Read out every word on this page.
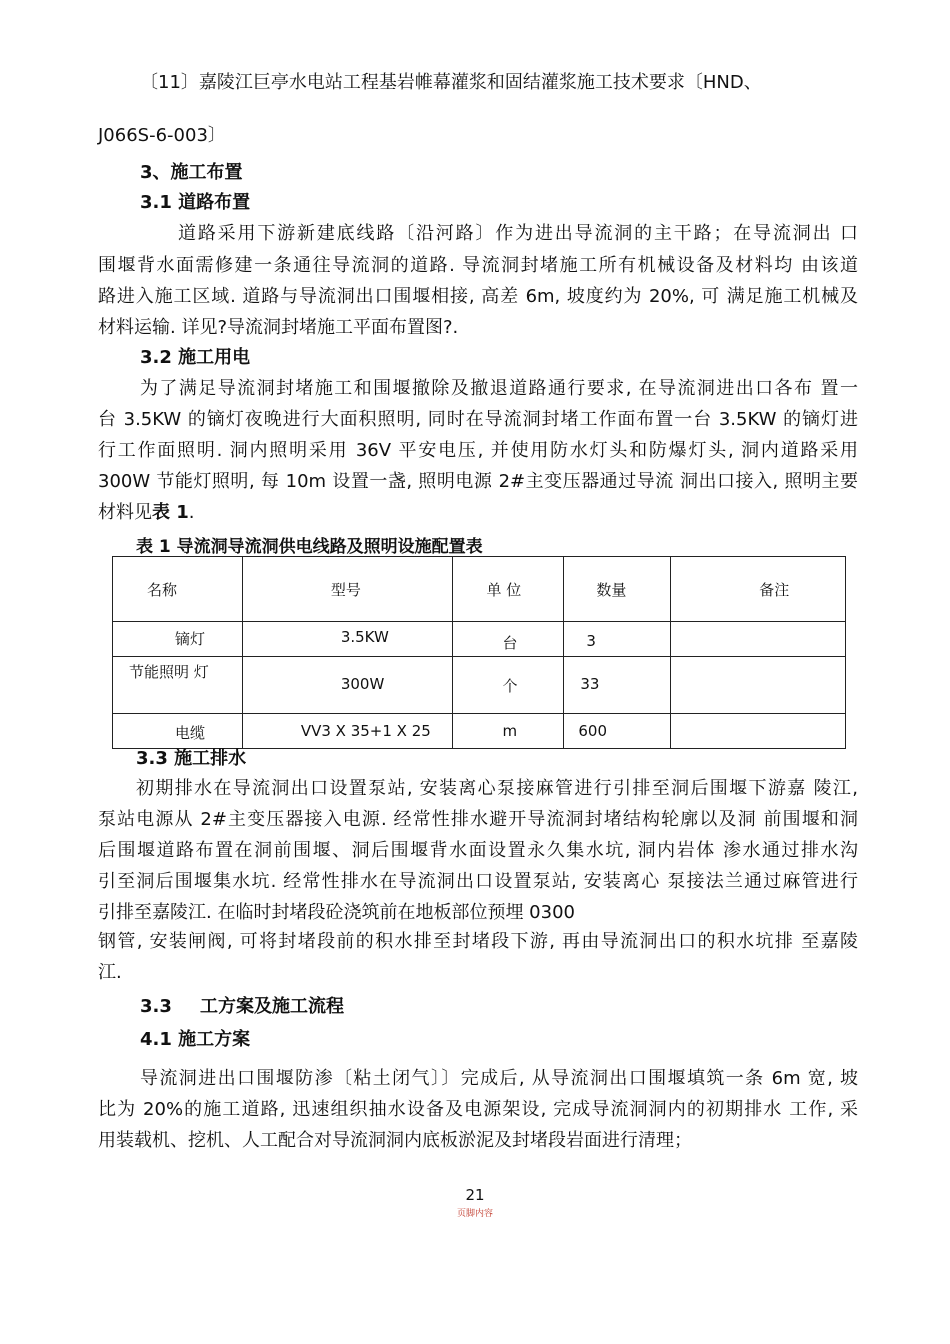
〔11〕嘉陵江巨亭水电站工程基岩帷幕灌浆和固结灌浆施工技术要求〔HND、
J066S-6-003〕
3、施工布置
3.1 道路布置
道路采用下游新建底线路〔沿河路〕作为进出导流洞的主干路；在导流洞出 口
围堰背水面需修建一条通往导流洞的道路. 导流洞封堵施工所有机械设备及材料均 由该道
路进入施工区域. 道路与导流洞出口围堰相接, 高差 6m, 坡度约为 20%, 可 满足施工机械及
材料运输. 详见?导流洞封堵施工平面布置图?.
3.2 施工用电
为了满足导流洞封堵施工和围堰撤除及撤退道路通行要求, 在导流洞进出口各布 置一
台 3.5KW 的镝灯夜晚进行大面积照明, 同时在导流洞封堵工作面布置一台 3.5KW 的镝灯进
行工作面照明. 洞内照明采用 36V 平安电压, 并使用防水灯头和防爆灯头, 洞内道路采用
300W 节能灯照明, 每 10m 设置一盏, 照明电源 2#主变压器通过导流 洞出口接入, 照明主要
材料见表 1.
表 1 导流洞导流洞供电线路及照明设施配置表
名称	型号	单 位	数量	备注

镝灯	3.5KW	台	3	

节能照明 灯	300W	个	33	

电缆	VV3 X 35+1 X 25	m	600	

3.3 施工排水
初期排水在导流洞出口设置泵站, 安装离心泵接麻管进行引排至洞后围堰下游嘉 陵江,
泵站电源从 2#主变压器接入电源. 经常性排水避开导流洞封堵结构轮廓以及洞 前围堰和洞
后围堰道路布置在洞前围堰、洞后围堰背水面设置永久集水坑, 洞内岩体 渗水通过排水沟
引至洞后围堰集水坑. 经常性排水在导流洞出口设置泵站, 安装离心 泵接法兰通过麻管进行
引排至嘉陵江. 在临时封堵段砼浇筑前在地板部位预埋 0300
钢管, 安装闸阀, 可将封堵段前的积水排至封堵段下游, 再由导流洞出口的积水坑排 至嘉陵
江.
3.3 工方案及施工流程
4.1 施工方案
导流洞进出口围堰防渗〔粘土闭气〕〕完成后, 从导流洞出口围堰填筑一条 6m 宽, 坡
比为 20%的施工道路, 迅速组织抽水设备及电源架设, 完成导流洞洞内的初期排水 工作, 采
用装载机、挖机、人工配合对导流洞洞内底板淤泥及封堵段岩面进行清理；
21
页脚内容
